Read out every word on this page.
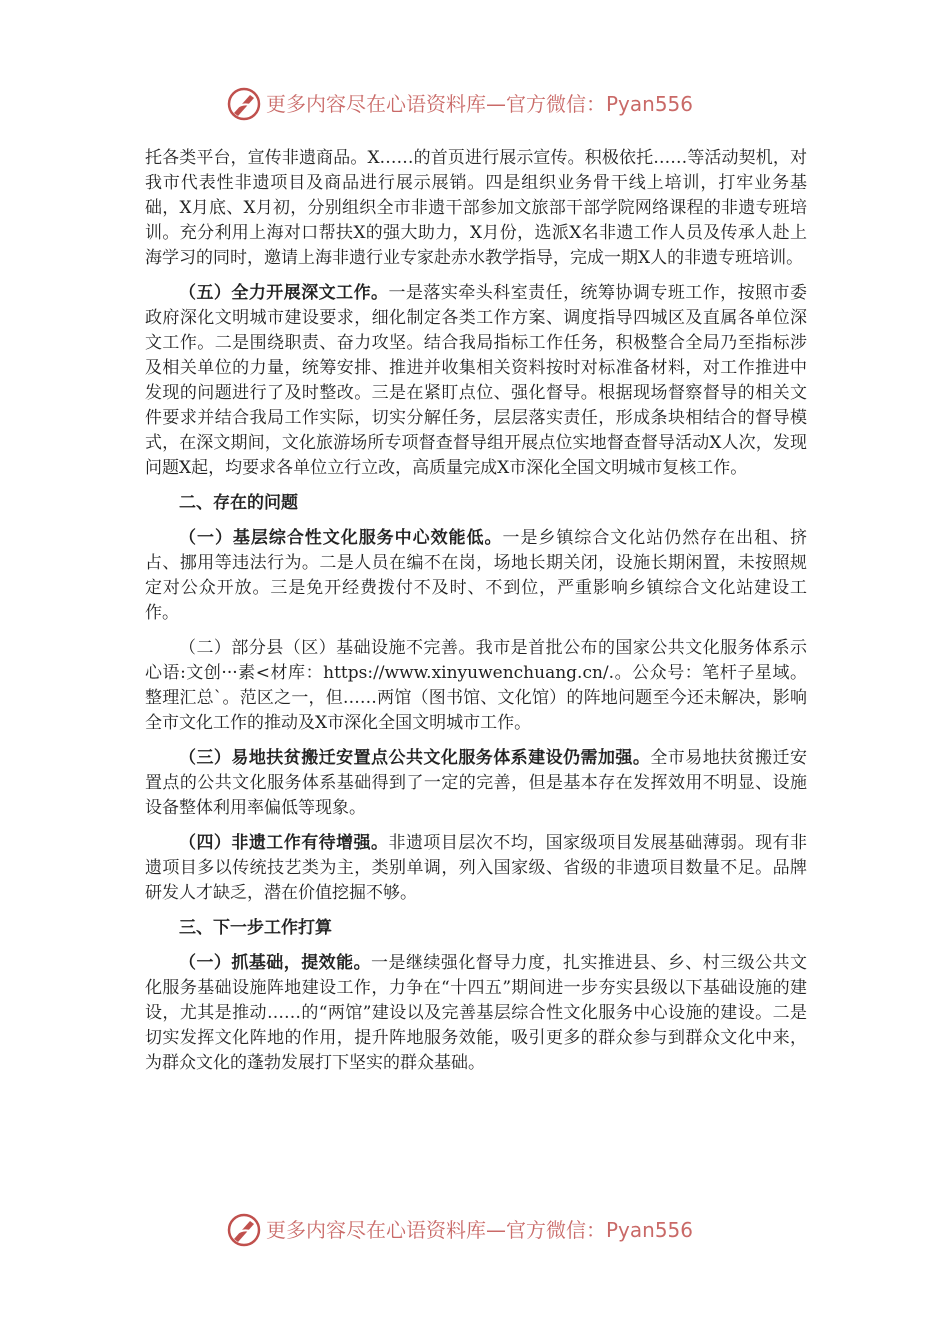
更多内容尽在心语资料库—官方微信：Pyan556

托各类平台，宣传非遗商品。X……的首页进行展示宣传。积极依托……等活动契机，对我市代表性非遗项目及商品进行展示展销。四是组织业务骨干线上培训，打牢业务基础，X月底、X月初，分别组织全市非遗干部参加文旅部干部学院网络课程的非遗专班培训。充分利用上海对口帮扶X的强大助力，X月份，选派X名非遗工作人员及传承人赴上海学习的同时，邀请上海非遗行业专家赴赤水教学指导，完成一期X人的非遗专班培训。

（五）全力开展深文工作。一是落实牵头科室责任，统筹协调专班工作，按照市委政府深化文明城市建设要求，细化制定各类工作方案、调度指导四城区及直属各单位深文工作。二是围绕职责、奋力攻坚。结合我局指标工作任务，积极整合全局乃至指标涉及相关单位的力量，统筹安排、推进并收集相关资料按时对标准备材料，对工作推进中发现的问题进行了及时整改。三是在紧盯点位、强化督导。根据现场督察督导的相关文件要求并结合我局工作实际，切实分解任务，层层落实责任，形成条块相结合的督导模式，在深文期间，文化旅游场所专项督查督导组开展点位实地督查督导活动X人次，发现问题X起，均要求各单位立行立改，高质量完成X市深化全国文明城市复核工作。

二、存在的问题

（一）基层综合性文化服务中心效能低。一是乡镇综合文化站仍然存在出租、挤占、挪用等违法行为。二是人员在编不在岗，场地长期关闭，设施长期闲置，未按照规定对公众开放。三是免开经费拨付不及时、不到位，严重影响乡镇综合文化站建设工作。

（二）部分县（区）基础设施不完善。我市是首批公布的国家公共文化服务体系示心语:文创···素<材库：https://www.xinyuwenchuang.cn/.。公众号：笔杆子星域。整理汇总`。范区之一，但……两馆（图书馆、文化馆）的阵地问题至今还未解决，影响全市文化工作的推动及X市深化全国文明城市工作。

（三）易地扶贫搬迁安置点公共文化服务体系建设仍需加强。全市易地扶贫搬迁安置点的公共文化服务体系基础得到了一定的完善，但是基本存在发挥效用不明显、设施设备整体利用率偏低等现象。

（四）非遗工作有待增强。非遗项目层次不均，国家级项目发展基础薄弱。现有非遗项目多以传统技艺类为主，类别单调，列入国家级、省级的非遗项目数量不足。品牌研发人才缺乏，潜在价值挖掘不够。

三、下一步工作打算

（一）抓基础，提效能。一是继续强化督导力度，扎实推进县、乡、村三级公共文化服务基础设施阵地建设工作，力争在“十四五”期间进一步夯实县级以下基础设施的建设，尤其是推动……的“两馆”建设以及完善基层综合性文化服务中心设施的建设。二是切实发挥文化阵地的作用，提升阵地服务效能，吸引更多的群众参与到群众文化中来，为群众文化的蓬勃发展打下坚实的群众基础。

更多内容尽在心语资料库—官方微信：Pyan556
